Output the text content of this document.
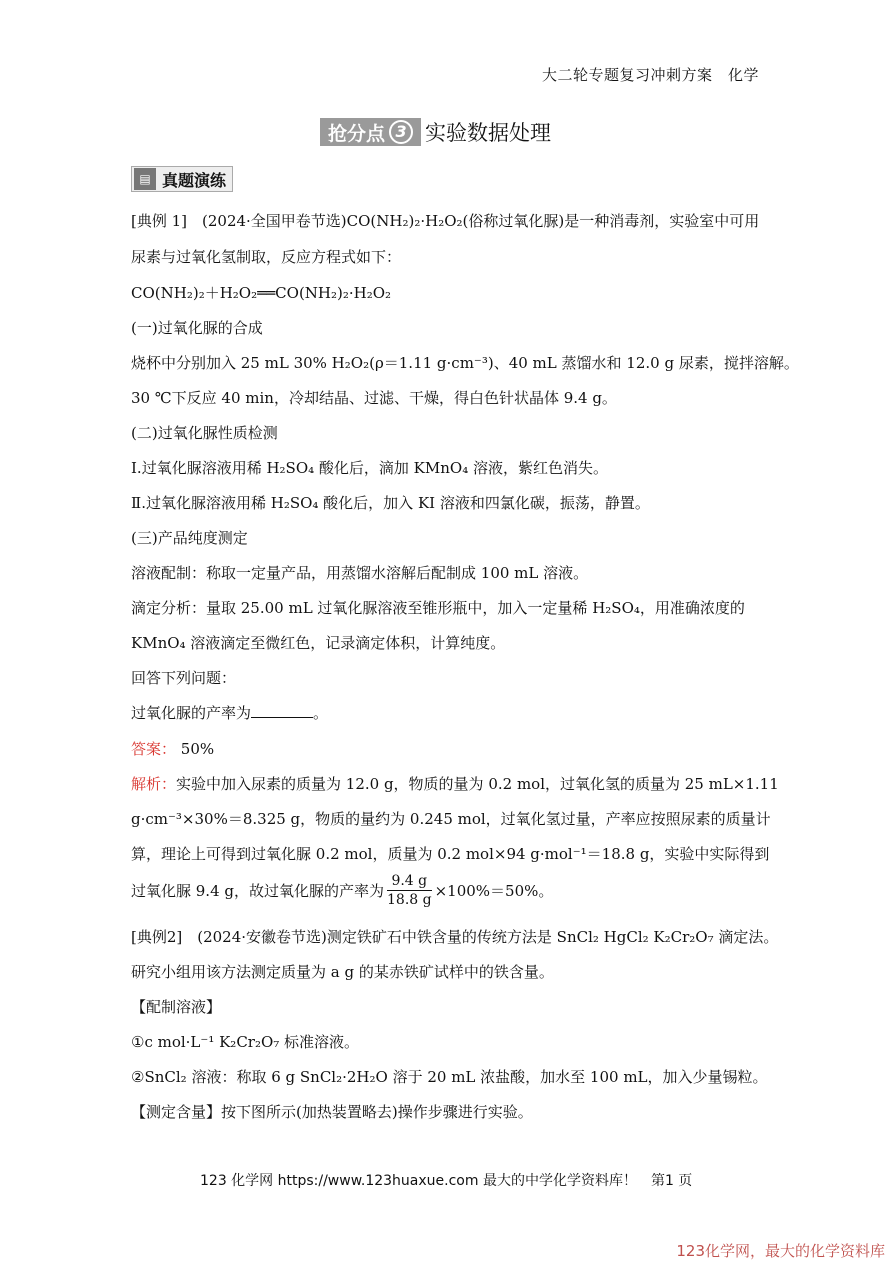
大二轮专题复习冲刺方案　化学
抢分点 3 实验数据处理
▤ 真题演练
[典例 1]　(2024·全国甲卷节选)CO(NH₂)₂·H₂O₂(俗称过氧化脲)是一种消毒剂，实验室中可用
尿素与过氧化氢制取，反应方程式如下：
CO(NH₂)₂＋H₂O₂══CO(NH₂)₂·H₂O₂
(一)过氧化脲的合成
烧杯中分别加入 25 mL 30% H₂O₂(ρ＝1.11 g·cm⁻³)、40 mL 蒸馏水和 12.0 g 尿素，搅拌溶解。
30 ℃下反应 40 min，冷却结晶、过滤、干燥，得白色针状晶体 9.4 g。
(二)过氧化脲性质检测
Ⅰ.过氧化脲溶液用稀 H₂SO₄ 酸化后，滴加 KMnO₄ 溶液，紫红色消失。
Ⅱ.过氧化脲溶液用稀 H₂SO₄ 酸化后，加入 KI 溶液和四氯化碳，振荡，静置。
(三)产品纯度测定
溶液配制：称取一定量产品，用蒸馏水溶解后配制成 100 mL 溶液。
滴定分析：量取 25.00 mL 过氧化脲溶液至锥形瓶中，加入一定量稀 H₂SO₄，用准确浓度的
KMnO₄ 溶液滴定至微红色，记录滴定体积，计算纯度。
回答下列问题：
过氧化脲的产率为	。
答案： 50%
解析：实验中加入尿素的质量为 12.0 g，物质的量为 0.2 mol，过氧化氢的质量为 25 mL×1.11
g·cm⁻³×30%＝8.325 g，物质的量约为 0.245 mol，过氧化氢过量，产率应按照尿素的质量计
算，理论上可得到过氧化脲 0.2 mol，质量为 0.2 mol×94 g·mol⁻¹＝18.8 g，实验中实际得到
过氧化脲 9.4 g，故过氧化脲的产率为 $\frac{9.4 g}{18.8 g} \times 100\%=50\%$。
[典例2]　(2024·安徽卷节选)测定铁矿石中铁含量的传统方法是 SnCl₂ HgCl₂ K₂Cr₂O₇ 滴定法。
研究小组用该方法测定质量为 a g 的某赤铁矿试样中的铁含量。
【配制溶液】
①c mol·L⁻¹ K₂Cr₂O₇ 标准溶液。
②SnCl₂ 溶液：称取 6 g SnCl₂·2H₂O 溶于 20 mL 浓盐酸，加水至 100 mL，加入少量锡粒。
【测定含量】按下图所示(加热装置略去)操作步骤进行实验。
123 化学网 https://www.123huaxue.com 最大的中学化学资料库！　第1 页
123化学网，最大的化学资料库
